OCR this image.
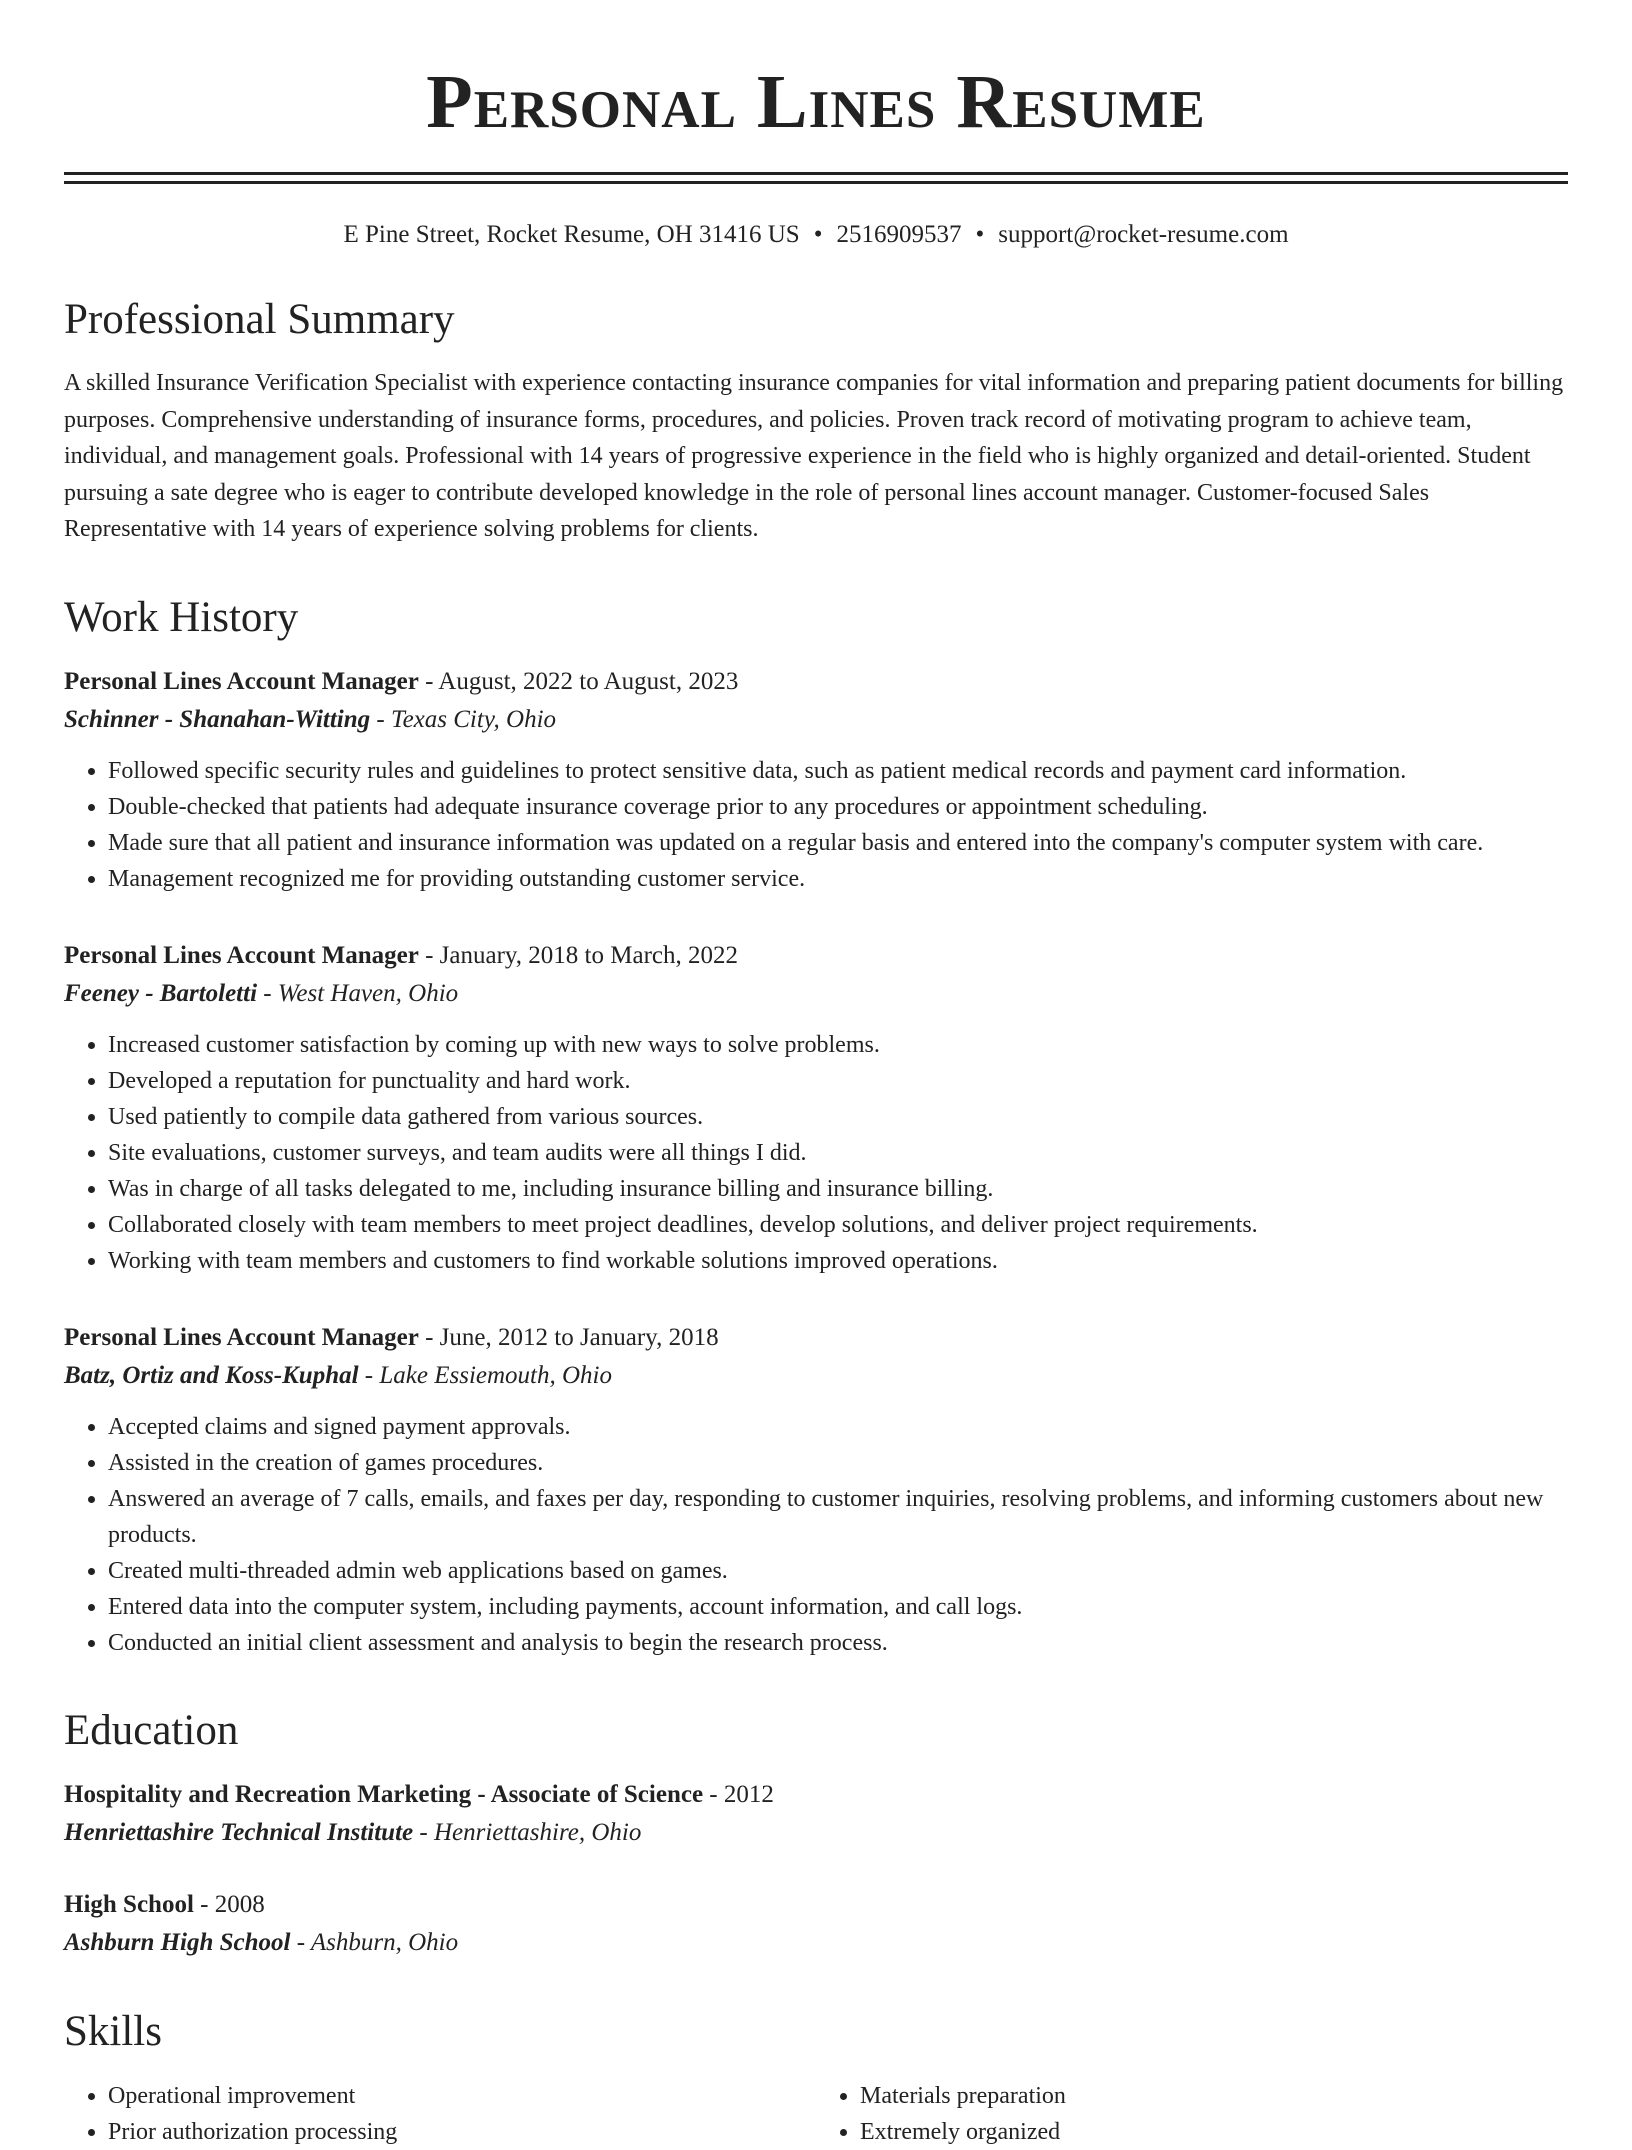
Personal Lines Resume
E Pine Street, Rocket Resume, OH 31416 US • 2516909537 • support@rocket-resume.com
Professional Summary

A skilled Insurance Verification Specialist with experience contacting insurance companies for vital information and preparing patient documents for billing purposes. Comprehensive understanding of insurance forms, procedures, and policies. Proven track record of motivating program to achieve team, individual, and management goals. Professional with 14 years of progressive experience in the field who is highly organized and detail-oriented. Student pursuing a sate degree who is eager to contribute developed knowledge in the role of personal lines account manager. Customer-focused Sales Representative with 14 years of experience solving problems for clients.

Work History
Personal Lines Account Manager - August, 2022 to August, 2023
Schinner - Shanahan-Witting - Texas City, Ohio
• Followed specific security rules and guidelines to protect sensitive data, such as patient medical records and payment card information.
• Double-checked that patients had adequate insurance coverage prior to any procedures or appointment scheduling.
• Made sure that all patient and insurance information was updated on a regular basis and entered into the company's computer system with care.
• Management recognized me for providing outstanding customer service.
Personal Lines Account Manager - January, 2018 to March, 2022
Feeney - Bartoletti - West Haven, Ohio
• Increased customer satisfaction by coming up with new ways to solve problems.
• Developed a reputation for punctuality and hard work.
• Used patiently to compile data gathered from various sources.
• Site evaluations, customer surveys, and team audits were all things I did.
• Was in charge of all tasks delegated to me, including insurance billing and insurance billing.
• Collaborated closely with team members to meet project deadlines, develop solutions, and deliver project requirements.
• Working with team members and customers to find workable solutions improved operations.
Personal Lines Account Manager - June, 2012 to January, 2018
Batz, Ortiz and Koss-Kuphal - Lake Essiemouth, Ohio
• Accepted claims and signed payment approvals.
• Assisted in the creation of games procedures.
• Answered an average of 7 calls, emails, and faxes per day, responding to customer inquiries, resolving problems, and informing customers about new products.
• Created multi-threaded admin web applications based on games.
• Entered data into the computer system, including payments, account information, and call logs.
• Conducted an initial client assessment and analysis to begin the research process.
Education
Hospitality and Recreation Marketing - Associate of Science - 2012
Henriettashire Technical Institute - Henriettashire, Ohio
High School - 2008
Ashburn High School - Ashburn, Ohio
Skills
• Operational improvement
• Prior authorization processing
• Materials preparation
• Extremely organized
